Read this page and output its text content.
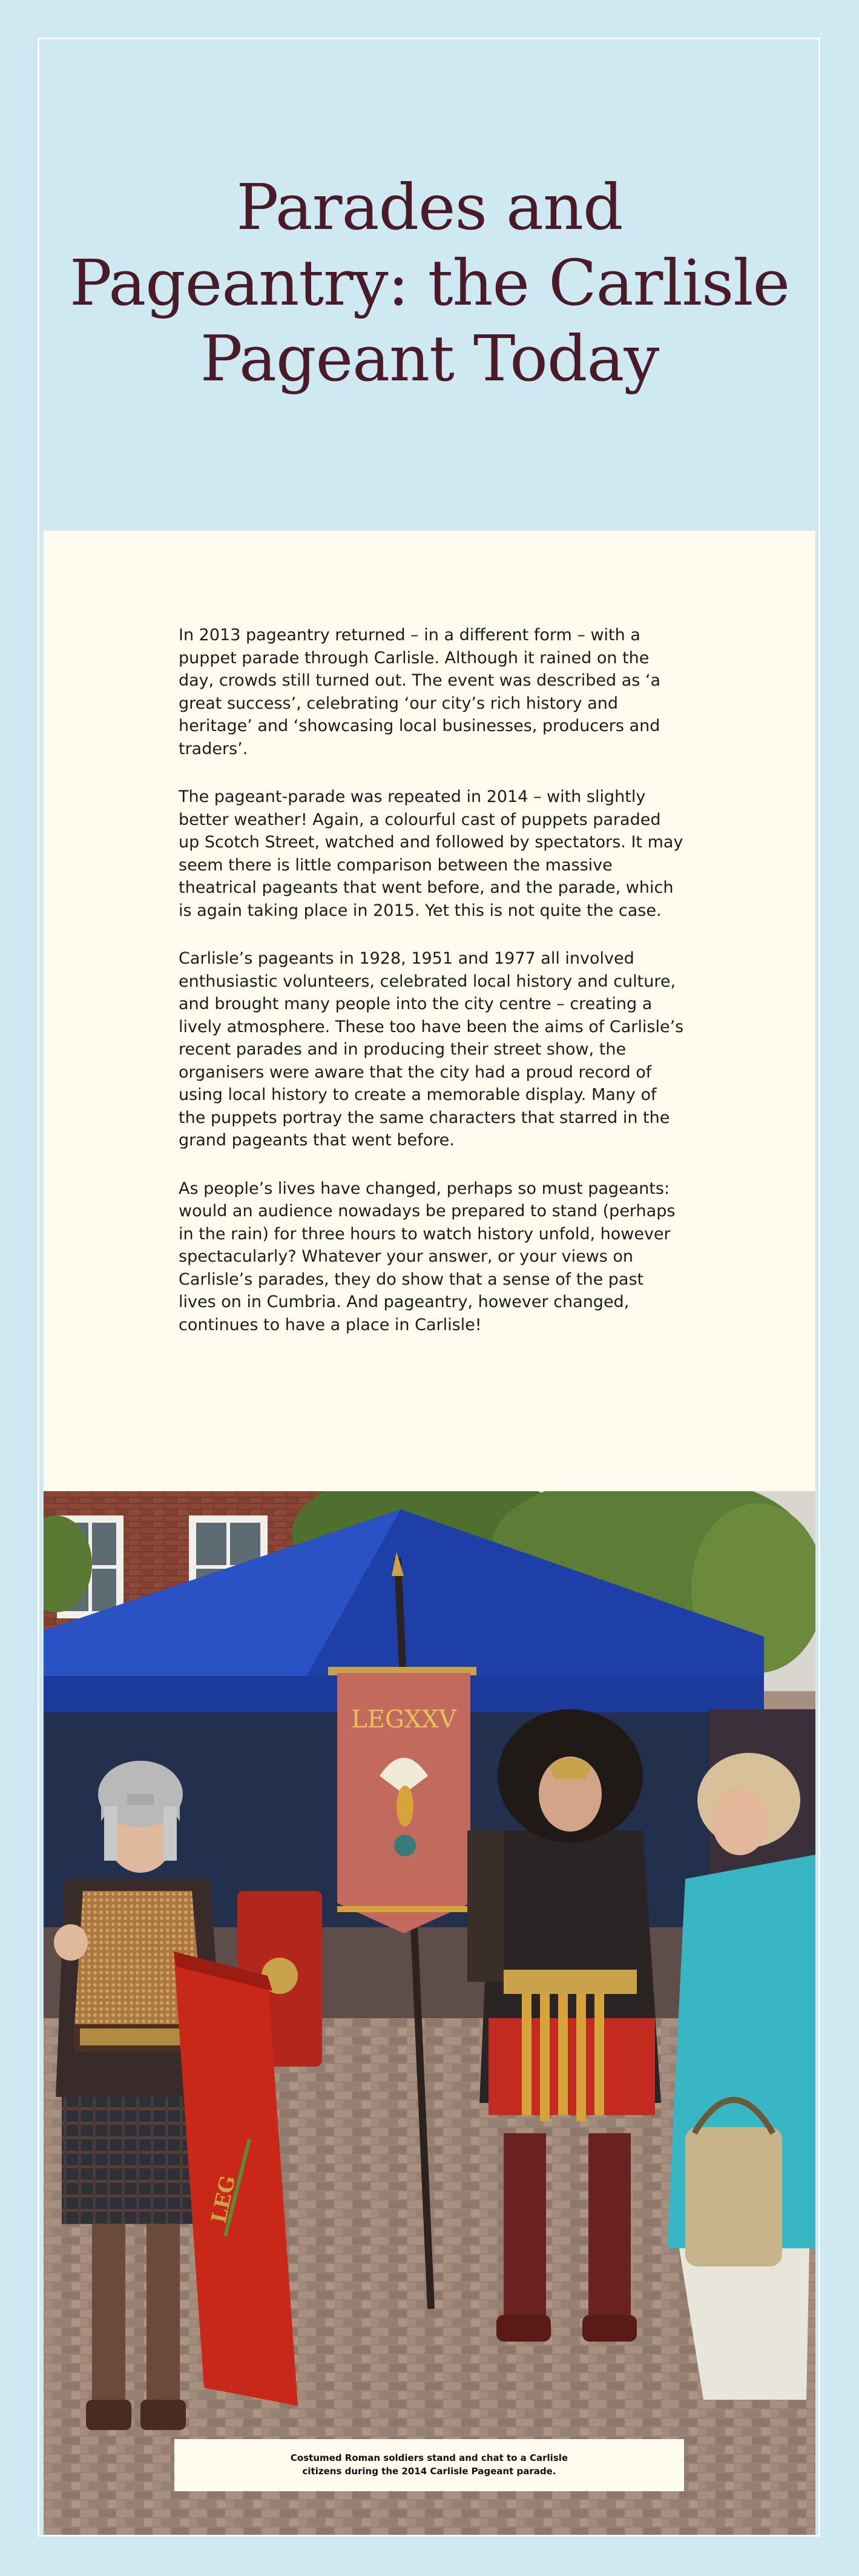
Parades and
Pageantry: the Carlisle
Pageant Today

In 2013 pageantry returned – in a different form – with a puppet parade through Carlisle. Although it rained on the day, crowds still turned out. The event was described as ‘a great success’, celebrating ‘our city’s rich history and heritage’ and ‘showcasing local businesses, producers and traders’.

The pageant-parade was repeated in 2014 – with slightly better weather! Again, a colourful cast of puppets paraded up Scotch Street, watched and followed by spectators. It may seem there is little comparison between the massive theatrical pageants that went before, and the parade, which is again taking place in 2015. Yet this is not quite the case.

Carlisle’s pageants in 1928, 1951 and 1977 all involved enthusiastic volunteers, celebrated local history and culture, and brought many people into the city centre – creating a lively atmosphere. These too have been the aims of Carlisle’s recent parades and in producing their street show, the organisers were aware that the city had a proud record of using local history to create a memorable display. Many of the puppets portray the same characters that starred in the grand pageants that went before.

As people’s lives have changed, perhaps so must pageants: would an audience nowadays be prepared to stand (perhaps in the rain) for three hours to watch history unfold, however spectacularly? Whatever your answer, or your views on Carlisle’s parades, they do show that a sense of the past lives on in Cumbria. And pageantry, however changed, continues to have a place in Carlisle!

LEG
LEGXXV
Costumed Roman soldiers stand and chat to a Carlisle citizens during the 2014 Carlisle Pageant parade.
